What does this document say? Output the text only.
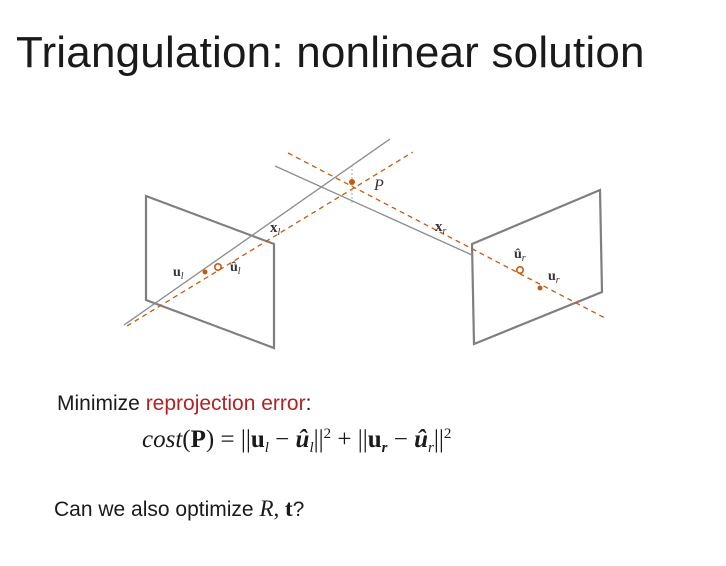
Triangulation: nonlinear solution
P
$x_l$	$x_r$
$u_l$
$û_l$
$û_r$
$u_r$
Minimize reprojection error:
$\cos t(P) = ||u_l$ − $û_l||^2 + ||u_r$ − $û_r||^2$
Can we also optimize R, t?
